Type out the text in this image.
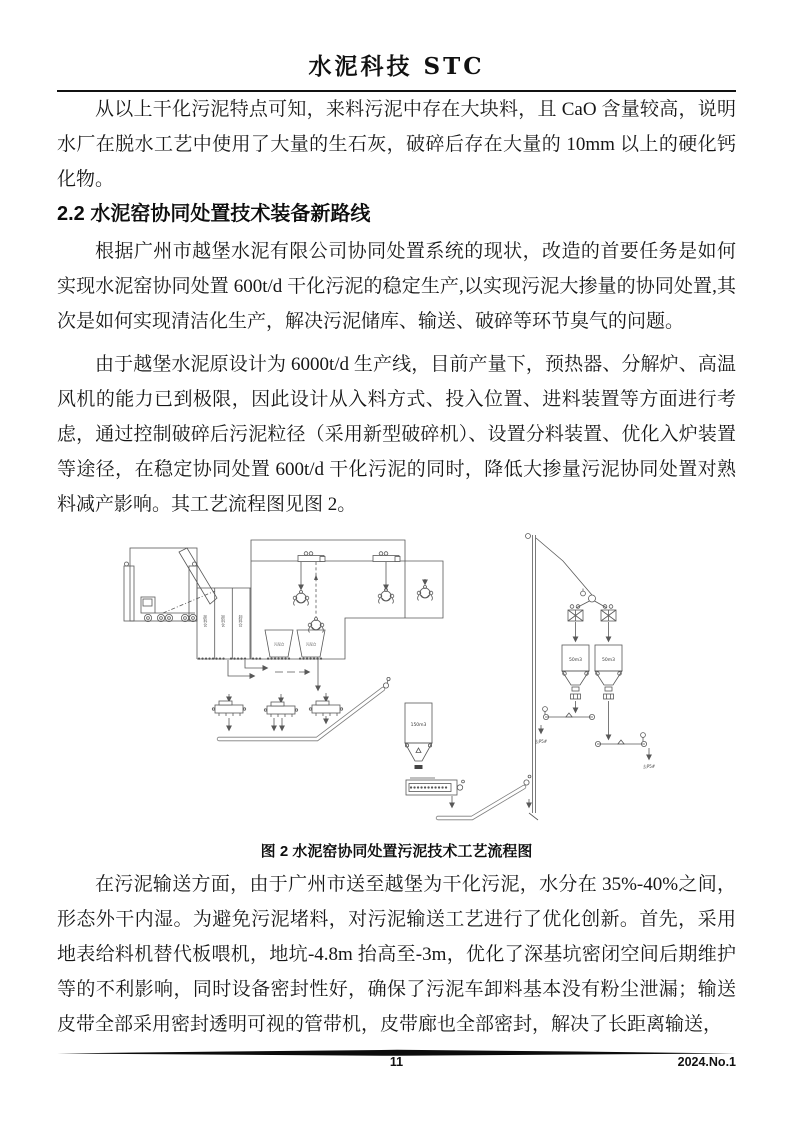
水泥科技 STC
从以上干化污泥特点可知，来料污泥中存在大块料，且 CaO 含量较高，说明水厂在脱水工艺中使用了大量的生石灰，破碎后存在大量的 10mm 以上的硬化钙化物。
2.2 水泥窑协同处置技术装备新路线
根据广州市越堡水泥有限公司协同处置系统的现状，改造的首要任务是如何实现水泥窑协同处置 600t/d 干化污泥的稳定生产,以实现污泥大掺量的协同处置,其次是如何实现清洁化生产，解决污泥储库、输送、破碎等环节臭气的问题。
由于越堡水泥原设计为 6000t/d 生产线，目前产量下，预热器、分解炉、高温风机的能力已到极限，因此设计从入料方式、投入位置、进料装置等方面进行考虑，通过控制破碎后污泥粒径（采用新型破碎机）、设置分料装置、优化入炉装置等途径，在稳定协同处置 600t/d 干化污泥的同时，降低大掺量污泥协同处置对熟料减产影响。其工艺流程图见图 2。
卸料仓	卸料仓	卸料仓
污泥仓	污泥仓
150m3
去P5#
50m3	50m3
去P5#
图 2 水泥窑协同处置污泥技术工艺流程图
在污泥输送方面，由于广州市送至越堡为干化污泥，水分在 35%-40%之间，形态外干内湿。为避免污泥堵料，对污泥输送工艺进行了优化创新。首先，采用地表给料机替代板喂机，地坑-4.8m 抬高至-3m，优化了深基坑密闭空间后期维护等的不利影响，同时设备密封性好，确保了污泥车卸料基本没有粉尘泄漏；输送皮带全部采用密封透明可视的管带机，皮带廊也全部密封，解决了长距离输送，
11	2024.No.1
